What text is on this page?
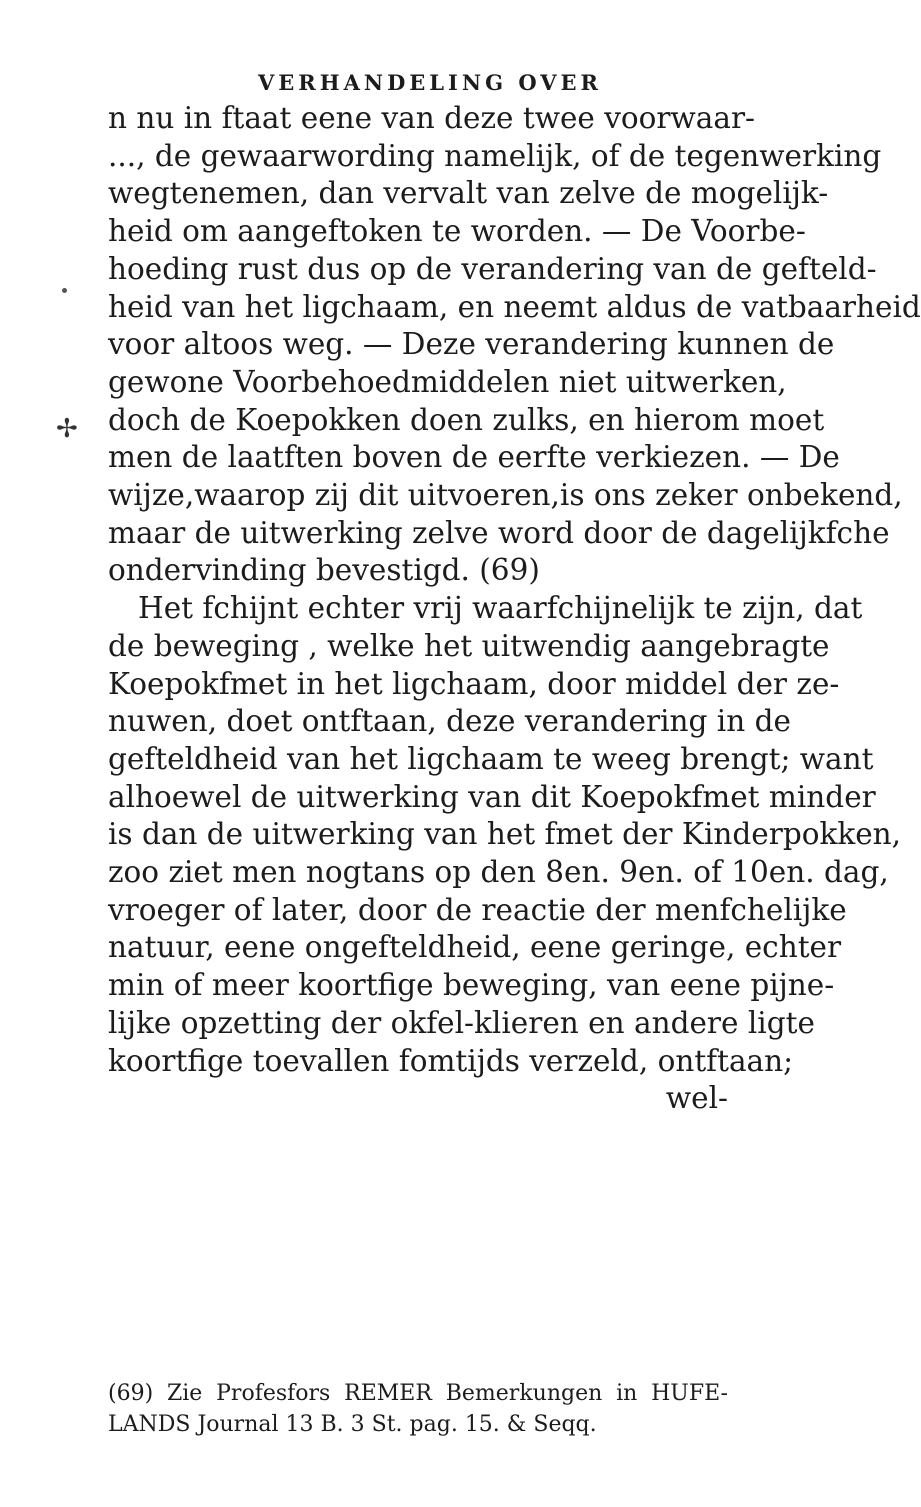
VERHANDELING OVER
✢
n nu in ftaat eene van deze twee voorwaar-
..., de gewaarwording namelijk, of de tegenwerking
wegtenemen, dan vervalt van zelve de mogelijk-
heid om aangeftoken te worden. — De Voorbe-
hoeding rust dus op de verandering van de gefteld-
heid van het ligchaam, en neemt aldus de vatbaarheid
voor altoos weg. — Deze verandering kunnen de
gewone Voorbehoedmiddelen niet uitwerken,
doch de Koepokken doen zulks, en hierom moet
men de laatften boven de eerfte verkiezen. — De
wijze,waarop zij dit uitvoeren,is ons zeker onbekend,
maar de uitwerking zelve word door de dagelijkfche
ondervinding bevestigd. (69)
Het fchijnt echter vrij waarfchijnelijk te zijn, dat
de beweging , welke het uitwendig aangebragte
Koepokfmet in het ligchaam, door middel der ze-
nuwen, doet ontftaan, deze verandering in de
gefteldheid van het ligchaam te weeg brengt; want
alhoewel de uitwerking van dit Koepokfmet minder
is dan de uitwerking van het fmet der Kinderpokken,
zoo ziet men nogtans op den 8en. 9en. of 10en. dag,
vroeger of later, door de reactie der menfchelijke
natuur, eene ongefteldheid, eene geringe, echter
min of meer koortfige beweging, van eene pijne-
lijke opzetting der okfel-klieren en andere ligte
koortfige toevallen fomtijds verzeld, ontftaan;
wel-
(69) Zie Profesfors REMER Bemerkungen in HUFE-
LANDS Journal 13 B. 3 St. pag. 15. & Seqq.
